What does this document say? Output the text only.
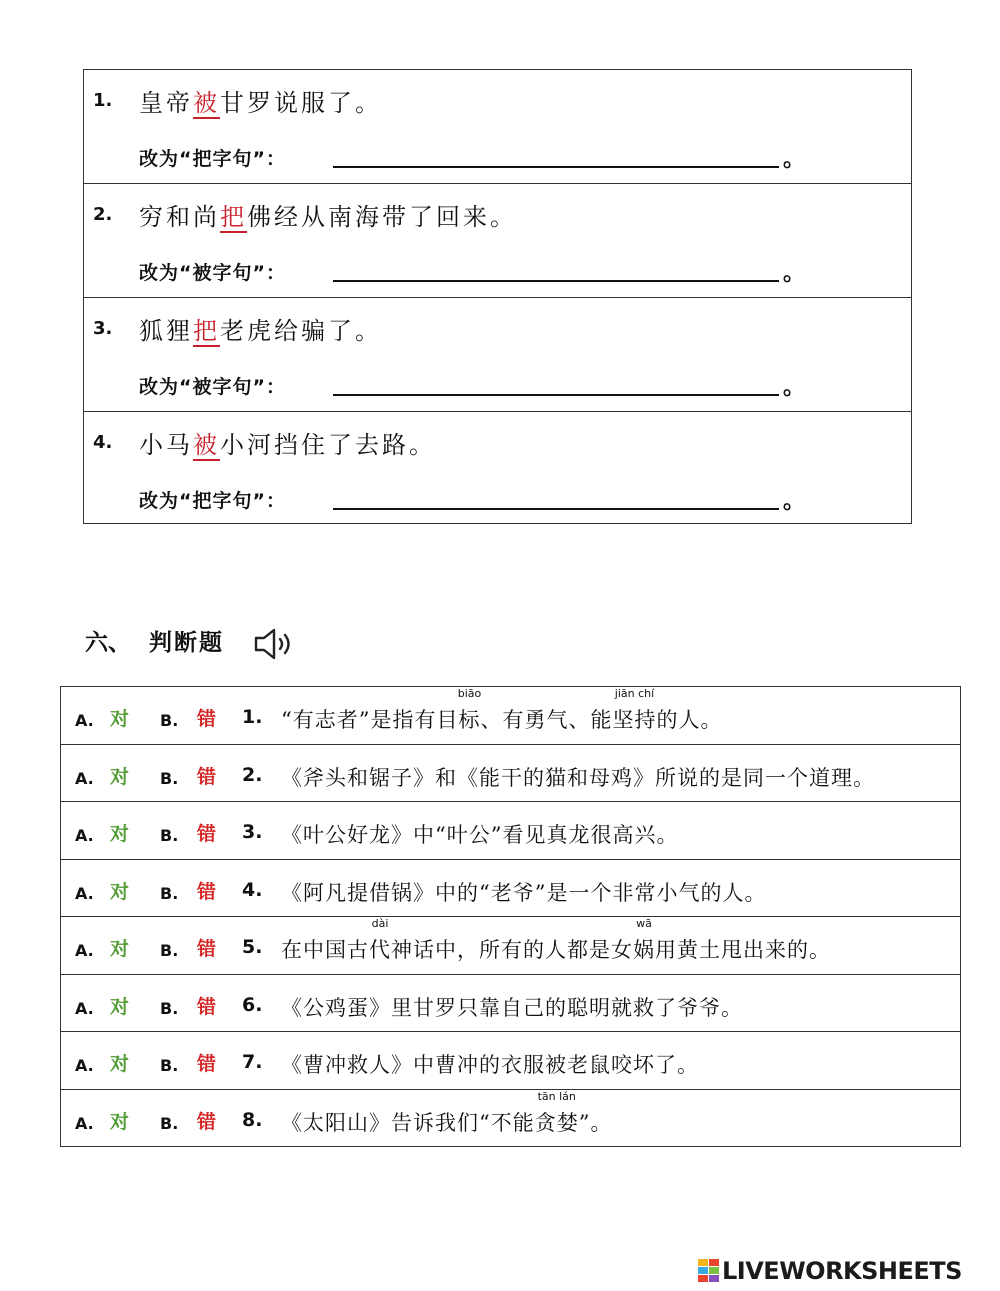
1. 皇帝被甘罗说服了。
改为“把字句”：	。
2. 穷和尚把佛经从南海带了回来。
改为“被字句”：	。
3. 狐狸把老虎给骗了。
改为“被字句”：	。
4. 小马被小河挡住了去路。
改为“把字句”：	。
六、 判断题
A. 对 B. 错 1. “有志者”是指有目
biāo
标、有勇气、能
jiān chí
坚持的人。
A. 对 B. 错 2. 《斧头和锯子》和《能干的猫和母鸡》所说的是同一个道理。
A. 对 B. 错 3. 《叶公好龙》中“叶公”看见真龙很高兴。
A. 对 B. 错 4. 《阿凡提借锅》中的“老爷”是一个非常小气的人。
A. 对 B. 错 5. 在中国古
dài
代神话中，所有的人都是女
wā
娲用黄土甩出来的。
A. 对 B. 错 6. 《公鸡蛋》里甘罗只靠自己的聪明就救了爷爷。
A. 对 B. 错 7. 《曹冲救人》中曹冲的衣服被老鼠咬坏了。
A. 对 B. 错 8. 《太阳山》告诉我们“不能
tān lán
贪婪”。
LIVEWORKSHEETS
